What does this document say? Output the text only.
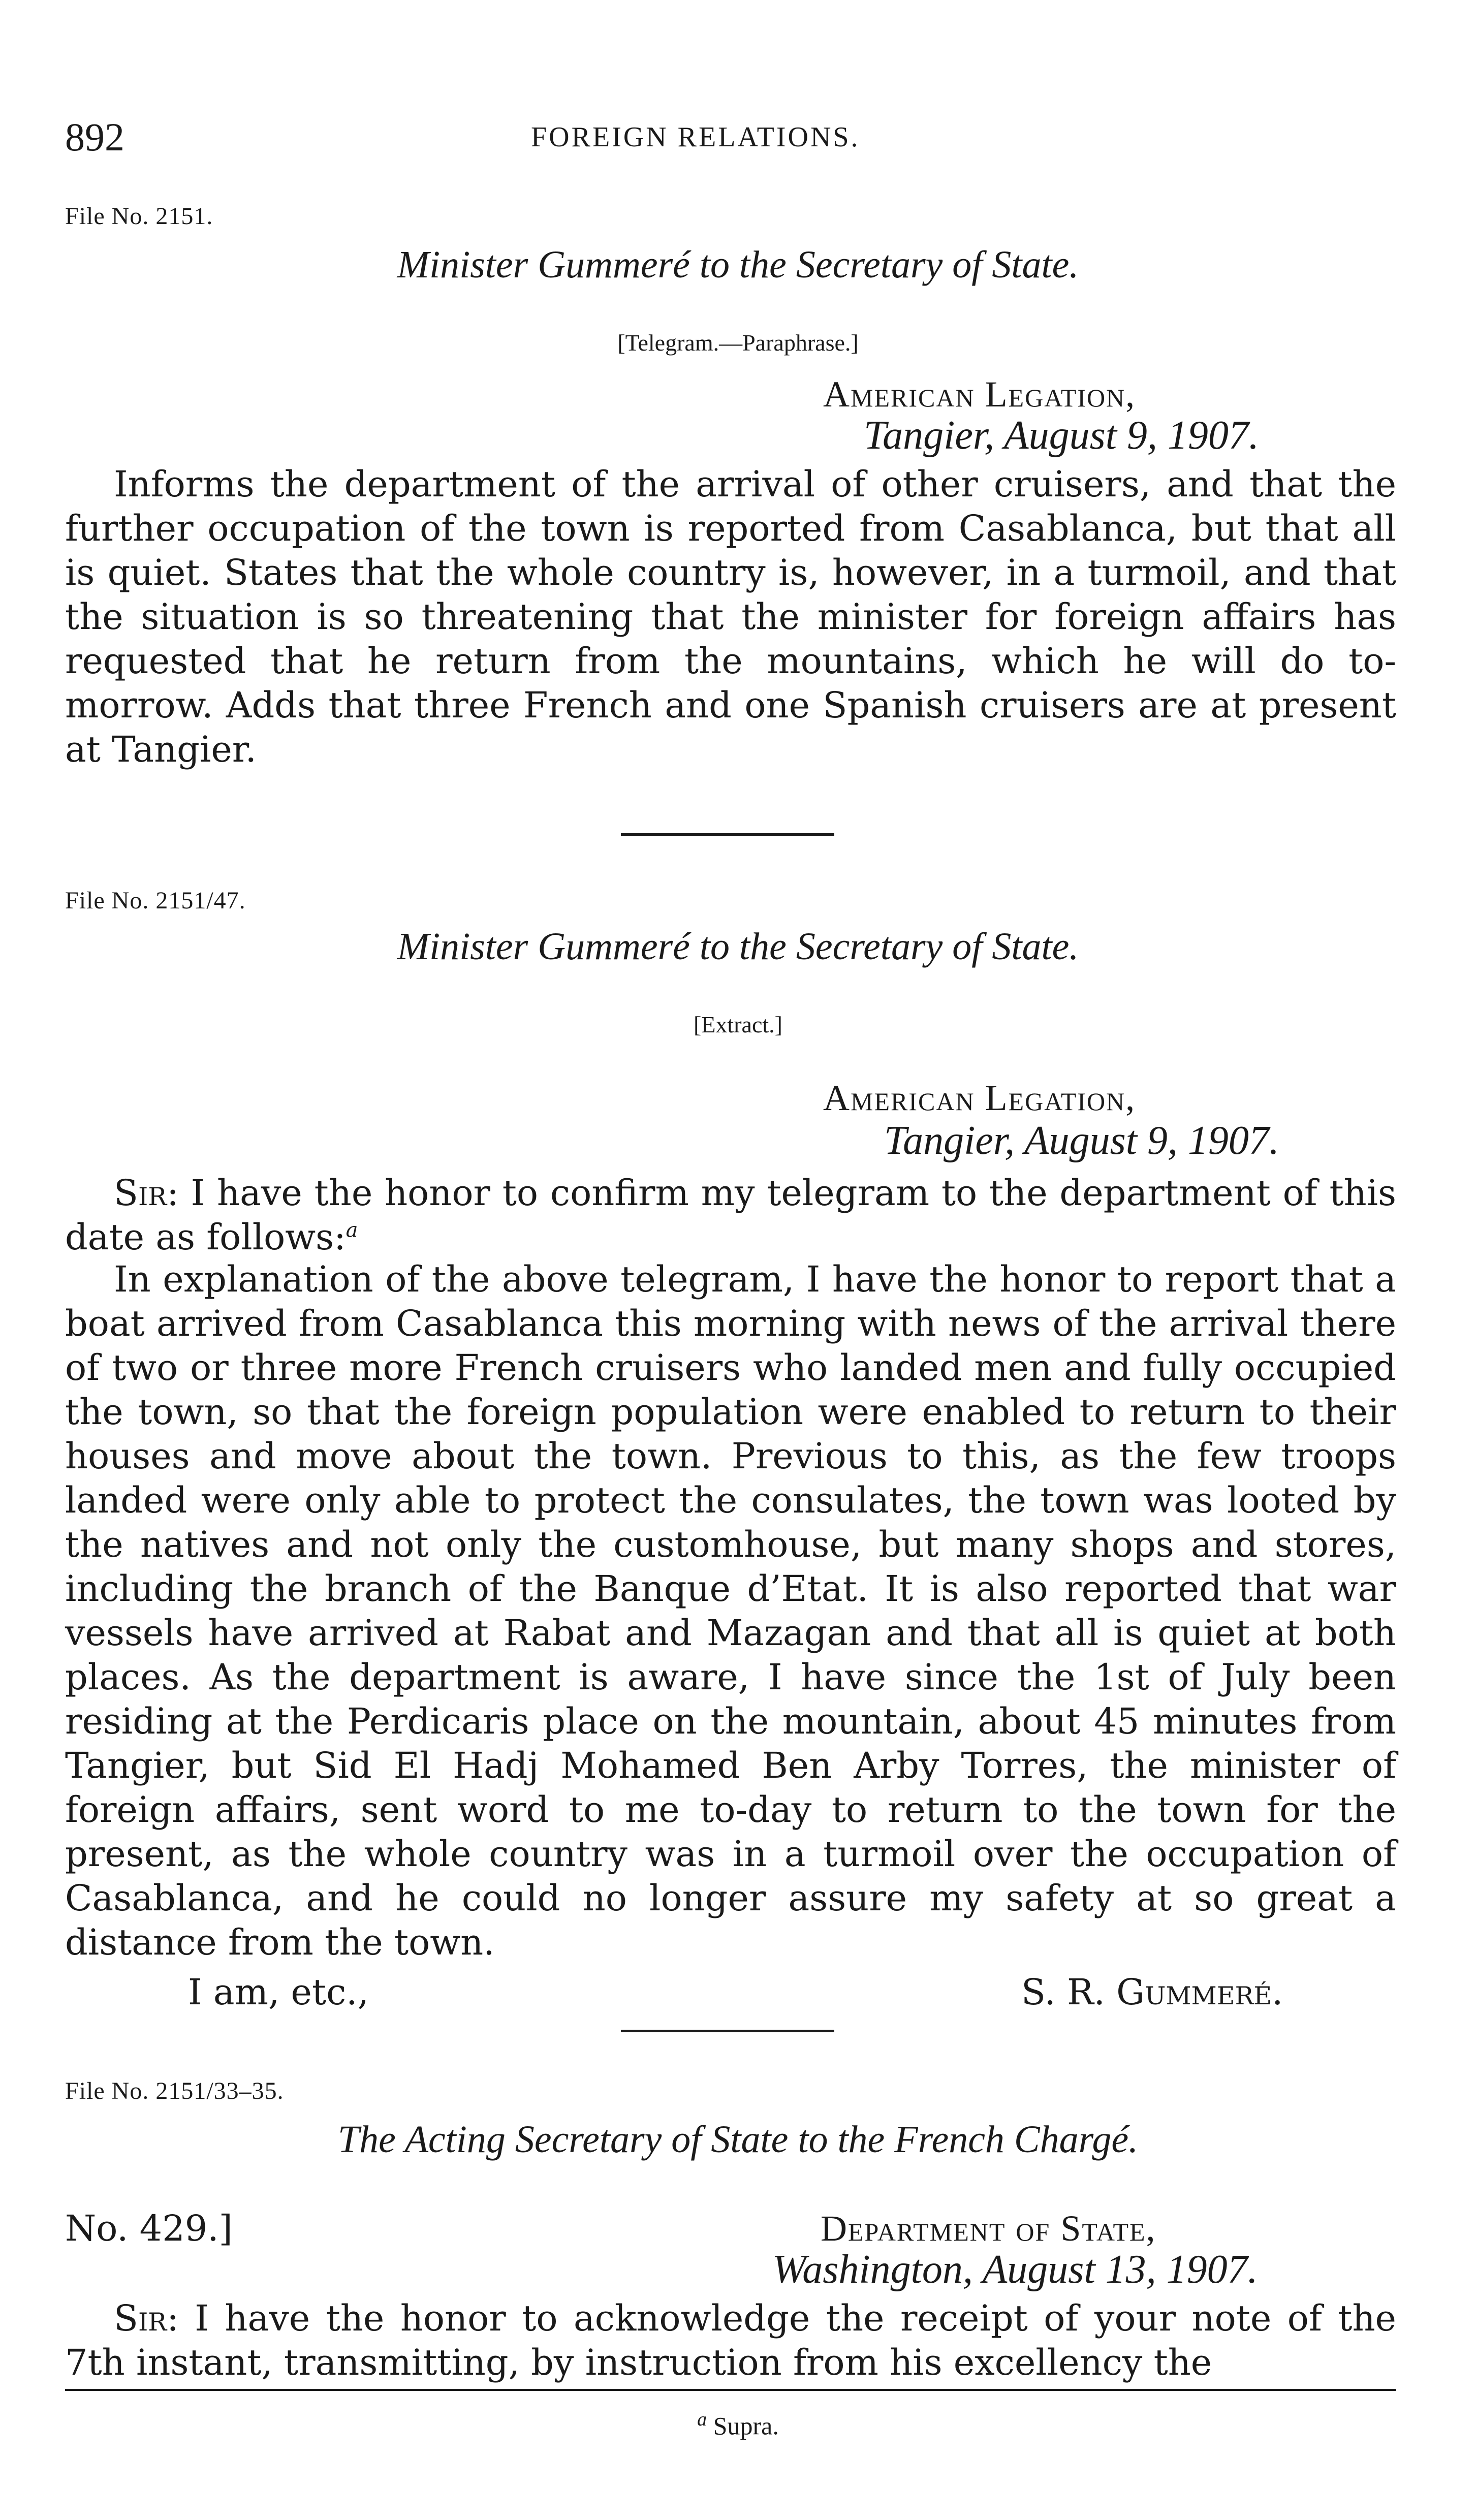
892	FOREIGN RELATIONS.
File No. 2151.
Minister Gummeré to the Secretary of State.
[Telegram.—Paraphrase.]
American Legation,
Tangier, August 9, 1907.

Informs the department of the arrival of other cruisers, and that the further occupation of the town is reported from Casablanca, but that all is quiet. States that the whole country is, however, in a turmoil, and that the situation is so threatening that the minister for foreign affairs has requested that he return from the mountains, which he will do to-morrow. Adds that three French and one Spanish cruisers are at present at Tangier.

File No. 2151/47.
Minister Gummeré to the Secretary of State.
[Extract.]
American Legation,
Tangier, August 9, 1907.

Sir: I have the honor to confirm my telegram to the department of this date as follows:$^a$

In explanation of the above telegram, I have the honor to report that a boat arrived from Casablanca this morning with news of the arrival there of two or three more French cruisers who landed men and fully occupied the town, so that the foreign population were enabled to return to their houses and move about the town. Previous to this, as the few troops landed were only able to protect the consulates, the town was looted by the natives and not only the customhouse, but many shops and stores, including the branch of the Banque d’Etat. It is also reported that war vessels have arrived at Rabat and Mazagan and that all is quiet at both places. As the department is aware, I have since the 1st of July been residing at the Perdicaris place on the mountain, about 45 minutes from Tangier, but Sid El Hadj Mohamed Ben Arby Torres, the minister of foreign affairs, sent word to me to-day to return to the town for the present, as the whole country was in a turmoil over the occupation of Casablanca, and he could no longer assure my safety at so great a distance from the town.

I am, etc.,	S. R. Gummeré.
File No. 2151/33–35.
The Acting Secretary of State to the French Chargé.
No. 429.]	Department of State,
Washington, August 13, 1907.

Sir: I have the honor to acknowledge the receipt of your note of the 7th instant, transmitting, by instruction from his excellency the

$^a$ Supra.
